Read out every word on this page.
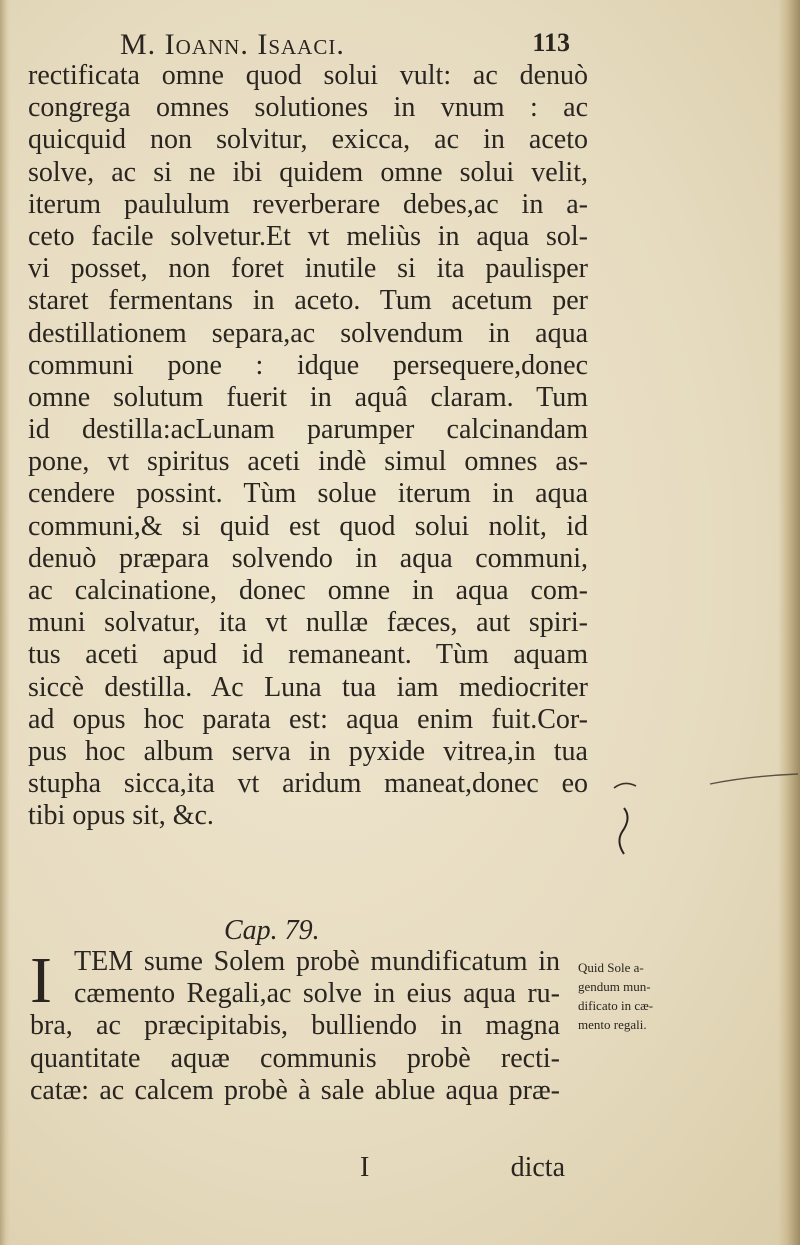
M. Ioann. Isaaci.	113
rectificata omne quod solui vult: ac denuò
congrega omnes solutiones in vnum : ac
quicquid non solvitur, exicca, ac in aceto
solve, ac si ne ibi quidem omne solui velit,
iterum paululum reverberare debes,ac in a-
ceto facile solvetur.Et vt meliùs in aqua sol-
vi posset, non foret inutile si ita paulisper
staret fermentans in aceto. Tum acetum per
destillationem separa,ac solvendum in aqua
communi pone : idque persequere,donec
omne solutum fuerit in aquâ claram. Tum
id destilla:acLunam parumper calcinandam
pone, vt spiritus aceti indè simul omnes as-
cendere possint. Tùm solue iterum in aqua
communi,& si quid est quod solui nolit, id
denuò præpara solvendo in aqua communi,
ac calcinatione, donec omne in aqua com-
muni solvatur, ita vt nullæ fæces, aut spiri-
tus aceti apud id remaneant. Tùm aquam
siccè destilla. Ac Luna tua iam mediocriter
ad opus hoc parata est: aqua enim fuit.Cor-
pus hoc album serva in pyxide vitrea,in tua
stupha sicca,ita vt aridum maneat,donec eo
tibi opus sit, &c.
Cap. 79.
I TEM sume Solem probè mundificatum in
cæmento Regali,ac solve in eius aqua ru-
bra, ac præcipitabis, bulliendo in magna
quantitate aquæ communis probè recti-
catæ: ac calcem probè à sale ablue aqua præ-
Quid Sole a-
gendum mun-
dificato in cæ-
mento regali.
I	dicta
